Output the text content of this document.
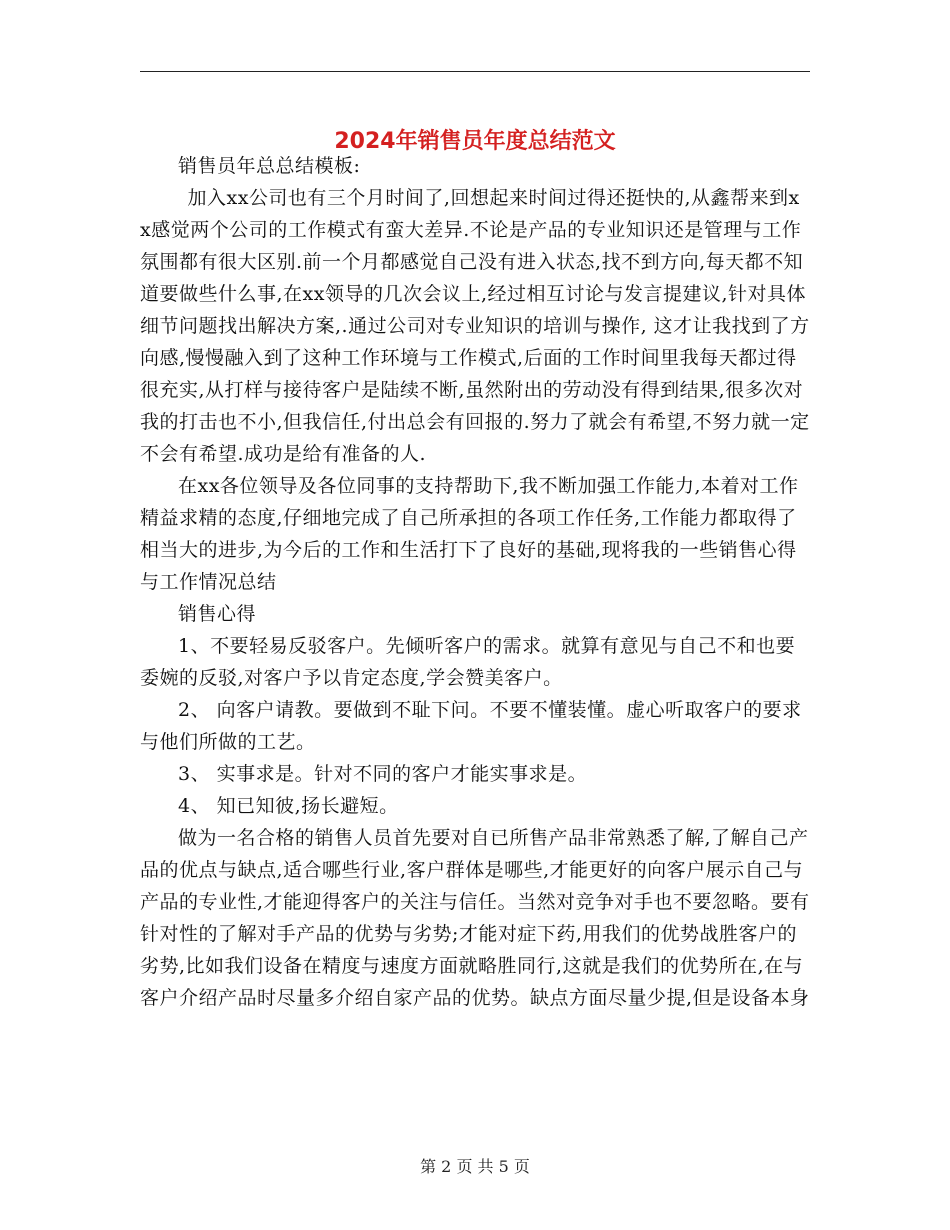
2024年销售员年度总结范文

销售员年总总结模板:

加入xx公司也有三个月时间了,回想起来时间过得还挺快的,从鑫帮来到xx感觉两个公司的工作模式有蛮大差异.不论是产品的专业知识还是管理与工作氛围都有很大区别.前一个月都感觉自己没有进入状态,找不到方向,每天都不知道要做些什么事,在xx领导的几次会议上,经过相互讨论与发言提建议,针对具体细节问题找出解决方案,.通过公司对专业知识的培训与操作, 这才让我找到了方向感,慢慢融入到了这种工作环境与工作模式,后面的工作时间里我每天都过得很充实,从打样与接待客户是陆续不断,虽然附出的劳动没有得到结果,很多次对我的打击也不小,但我信任,付出总会有回报的.努力了就会有希望,不努力就一定不会有希望.成功是给有准备的人.

在xx各位领导及各位同事的支持帮助下,我不断加强工作能力,本着对工作精益求精的态度,仔细地完成了自己所承担的各项工作任务,工作能力都取得了相当大的进步,为今后的工作和生活打下了良好的基础,现将我的一些销售心得与工作情况总结

销售心得

1、不要轻易反驳客户。先倾听客户的需求。就算有意见与自己不和也要委婉的反驳,对客户予以肯定态度,学会赞美客户。

2、 向客户请教。要做到不耻下问。不要不懂装懂。虚心听取客户的要求与他们所做的工艺。

3、 实事求是。针对不同的客户才能实事求是。

4、 知已知彼,扬长避短。

做为一名合格的销售人员首先要对自已所售产品非常熟悉了解,了解自己产品的优点与缺点,适合哪些行业,客户群体是哪些,才能更好的向客户展示自己与产品的专业性,才能迎得客户的关注与信任。当然对竞争对手也不要忽略。要有针对性的了解对手产品的优势与劣势;才能对症下药,用我们的优势战胜客户的劣势,比如我们设备在精度与速度方面就略胜同行,这就是我们的优势所在,在与客户介绍产品时尽量多介绍自家产品的优势。缺点方面尽量少提,但是设备本身

第 2 页 共 5 页
